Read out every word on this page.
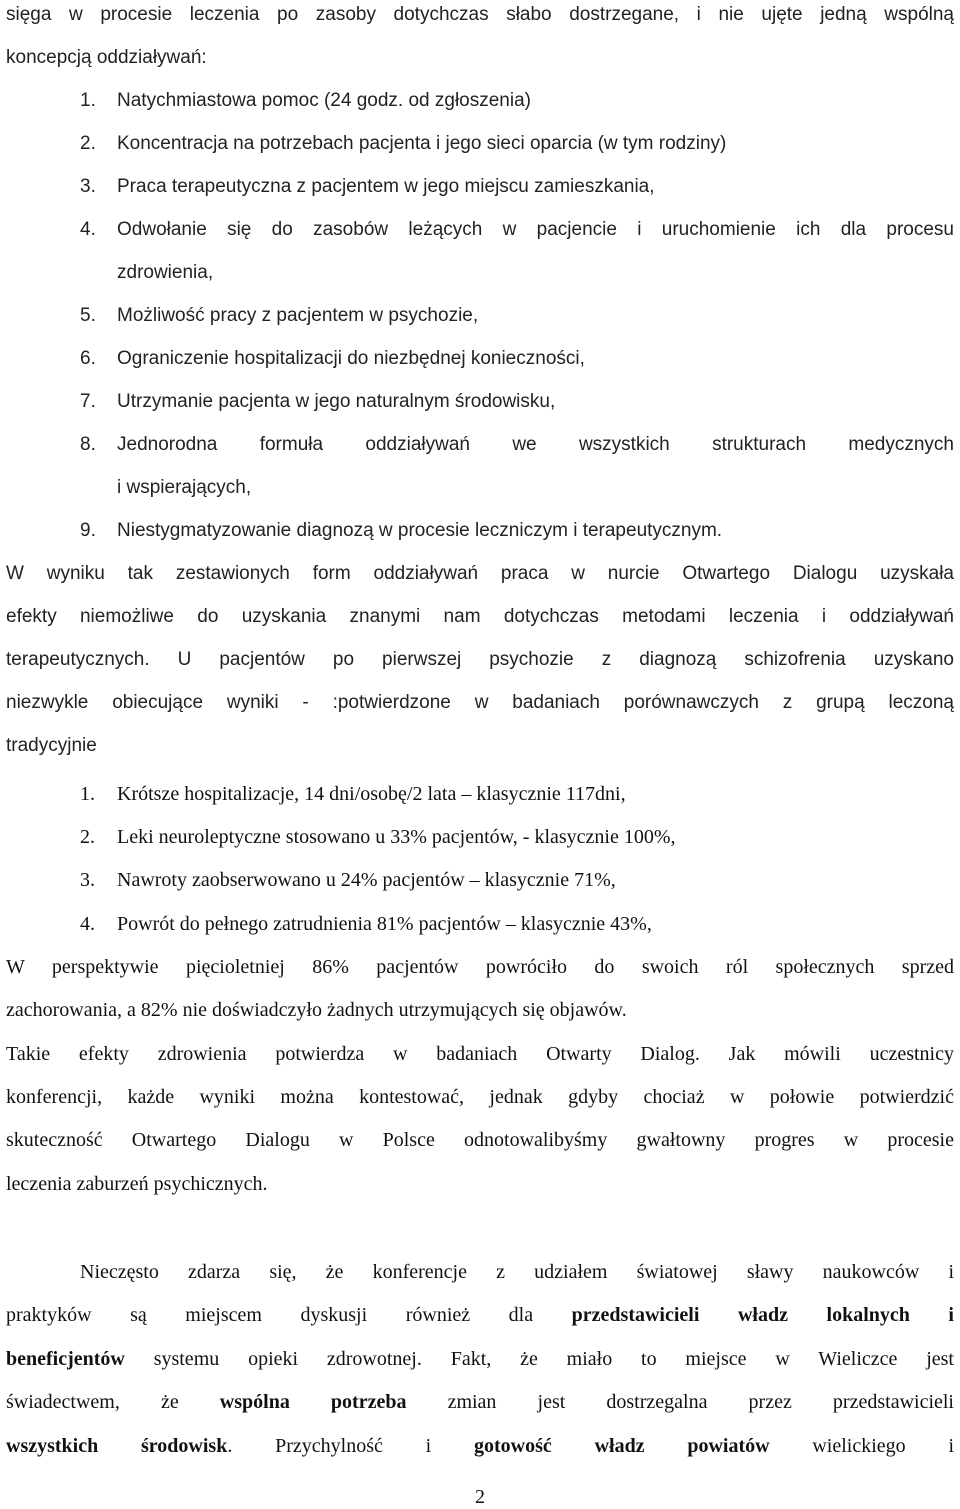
sięga w procesie leczenia po zasoby dotychczas słabo dostrzegane, i nie ujęte jedną wspólną
koncepcją oddziaływań:
1. Natychmiastowa pomoc (24 godz. od zgłoszenia)
2. Koncentracja na potrzebach pacjenta i jego sieci oparcia (w tym rodziny)
3. Praca terapeutyczna z pacjentem w jego miejscu zamieszkania,
4. Odwołanie się do zasobów leżących w pacjencie i uruchomienie ich dla procesu
zdrowienia,
5. Możliwość pracy z pacjentem w psychozie,
6. Ograniczenie hospitalizacji do niezbędnej konieczności,
7. Utrzymanie pacjenta w jego naturalnym środowisku,
8. Jednorodna formuła oddziaływań we wszystkich strukturach medycznych
i wspierających,
9. Niestygmatyzowanie diagnozą w procesie leczniczym i terapeutycznym.
W wyniku tak zestawionych form oddziaływań praca w nurcie Otwartego Dialogu uzyskała
efekty niemożliwe do uzyskania znanymi nam dotychczas metodami leczenia i oddziaływań
terapeutycznych. U pacjentów po pierwszej psychozie z diagnozą schizofrenia uzyskano
niezwykle obiecujące wyniki - :potwierdzone w badaniach porównawczych z grupą leczoną
tradycyjnie
1. Krótsze hospitalizacje, 14 dni/osobę/2 lata – klasycznie 117dni,
2. Leki neuroleptyczne stosowano u 33% pacjentów, - klasycznie 100%,
3. Nawroty zaobserwowano u 24% pacjentów – klasycznie 71%,
4. Powrót do pełnego zatrudnienia 81% pacjentów – klasycznie 43%,
W perspektywie pięcioletniej 86% pacjentów powróciło do swoich ról społecznych sprzed
zachorowania, a 82% nie doświadczyło żadnych utrzymujących się objawów.
Takie efekty zdrowienia potwierdza w badaniach Otwarty Dialog. Jak mówili uczestnicy
konferencji, każde wyniki można kontestować, jednak gdyby chociaż w połowie potwierdzić
skuteczność Otwartego Dialogu w Polsce odnotowalibyśmy gwałtowny progres w procesie
leczenia zaburzeń psychicznych.
Nieczęsto zdarza się, że konferencje z udziałem światowej sławy naukowców i
praktyków są miejscem dyskusji również dla przedstawicieli władz lokalnych i
beneficjentów systemu opieki zdrowotnej. Fakt, że miało to miejsce w Wieliczce jest
świadectwem, że wspólna potrzeba zmian jest dostrzegalna przez przedstawicieli
wszystkich środowisk. Przychylność i gotowość władz powiatów wielickiego i
2
